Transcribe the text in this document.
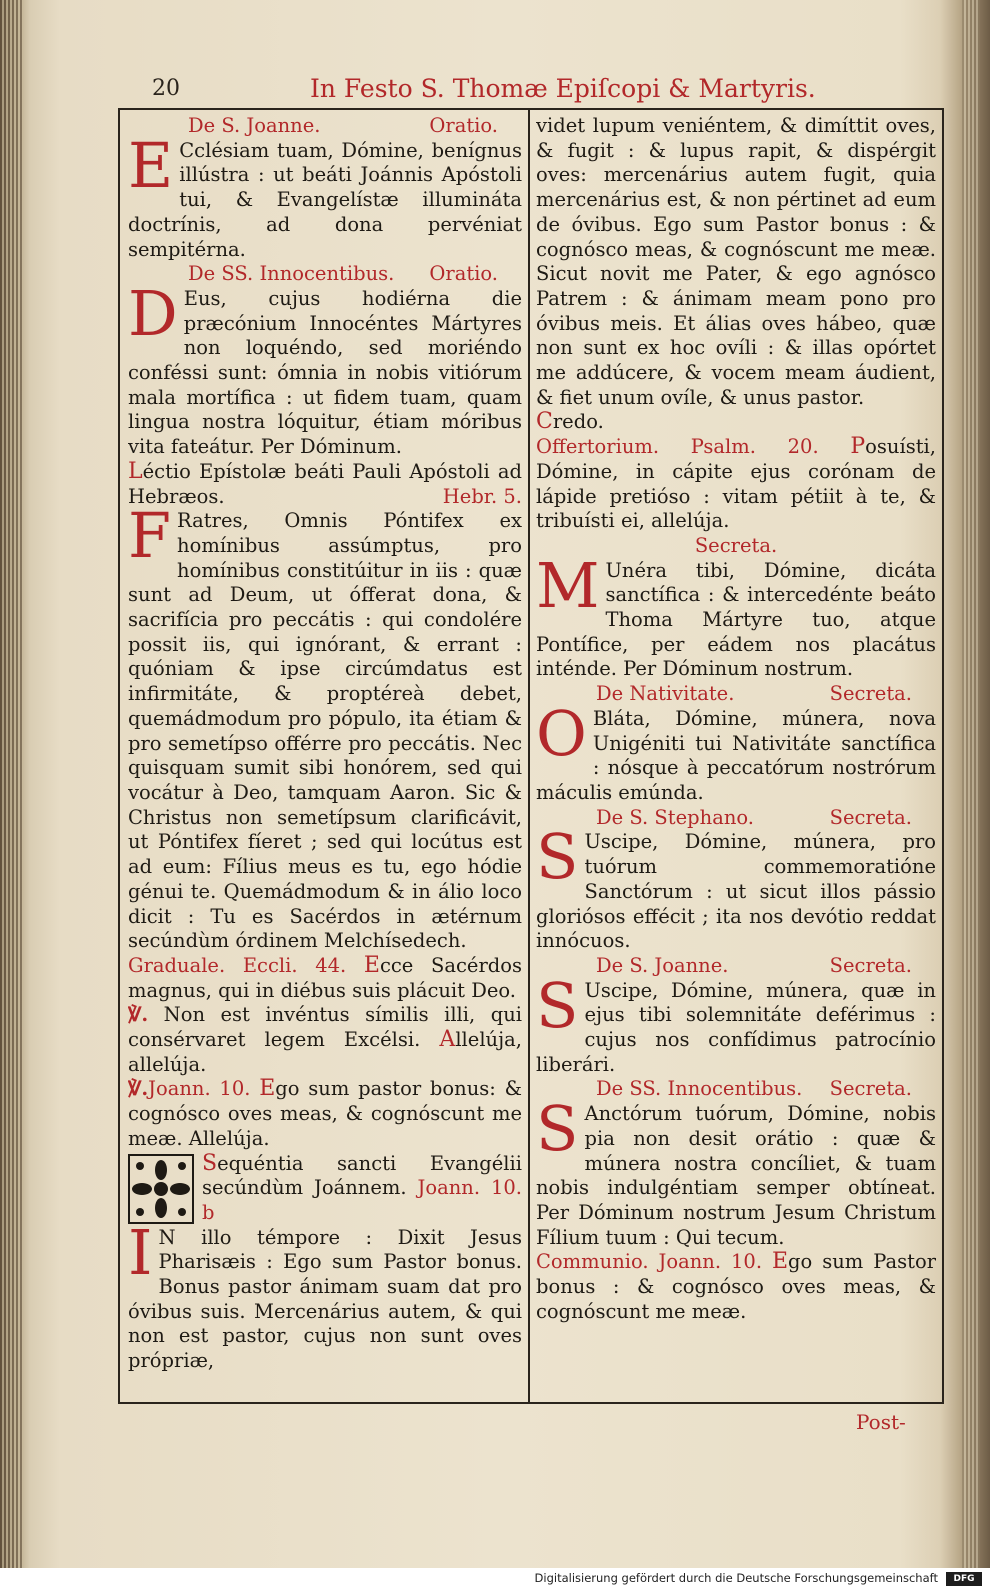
20	In Festo S. Thomæ Epiſcopi & Martyris.

De S. Joanne.	Oratio.

E Cclésiam tuam, Dómine, benígnus illústra : ut beáti Joánnis Apóstoli tui, & Evangelístæ illumináta doctrínis, ad dona pervéniat sempitérna.

De SS. Innocentibus. Oratio.

D Eus, cujus hodiérna die præcónium Innocéntes Mártyres non loquéndo, sed moriéndo conféssi sunt: ómnia in nobis vitiórum mala mortífica : ut fidem tuam, quam lingua nostra lóquitur, étiam móribus vita fateátur. Per Dóminum.

Léctio Epístolæ beáti Pauli Apóstoli ad Hebræos.	Hebr. 5.

F Ratres, Omnis Póntifex ex homínibus assúmptus, pro homínibus constitúitur in iis : quæ sunt ad Deum, ut ófferat dona, & sacrifícia pro peccátis : qui condolére possit iis, qui ignórant, & errant : quóniam & ipse circúmdatus est infirmitáte, & proptéreà debet, quemádmodum pro pópulo, ita étiam & pro semetípso offérre pro peccátis. Nec quisquam sumit sibi honórem, sed qui vocátur à Deo, tamquam Aaron. Sic & Christus non semetípsum clarificávit, ut Póntifex fíeret ; sed qui locútus est ad eum: Fílius meus es tu, ego hódie génui te. Quemádmodum & in álio loco dicit : Tu es Sacérdos in ætérnum secúndùm órdinem Melchísedech.

Graduale. Eccli. 44. Ecce Sacérdos magnus, qui in diébus suis plácuit Deo.

℣. Non est invéntus símilis illi, qui consérvaret legem Excélsi. Allelúja, allelúja.

℣.Joann. 10. Ego sum pastor bonus: & cognósco oves meas, & cognóscunt me meæ. Allelúja.

Sequéntia sancti Evangélii secúndùm Joánnem. Joann. 10. b

I N illo témpore : Dixit Jesus Pharisæis : Ego sum Pastor bonus. Bonus pastor ánimam suam dat pro óvibus suis. Mercenárius autem, & qui non est pastor, cujus non sunt oves própriæ,

videt lupum veniéntem, & dimíttit oves, & fugit : & lupus rapit, & dispérgit oves: mercenárius autem fugit, quia mercenárius est, & non pértinet ad eum de óvibus. Ego sum Pastor bonus : & cognósco meas, & cognóscunt me meæ. Sicut novit me Pater, & ego agnósco Patrem : & ánimam meam pono pro óvibus meis. Et álias oves hábeo, quæ non sunt ex hoc ovíli : & illas opórtet me addúcere, & vocem meam áudient, & fiet unum ovíle, & unus pastor.

Credo.

Offertorium. Psalm. 20. Posuísti, Dómine, in cápite ejus corónam de lápide pretióso : vitam pétiit à te, & tribuísti ei, allelúja.

Secreta.

M Unéra tibi, Dómine, dicáta sanctífica : & intercedénte beáto Thoma Mártyre tuo, atque Pontífice, per eádem nos placátus inténde. Per Dóminum nostrum.

De Nativitate.	Secreta.

O Bláta, Dómine, múnera, nova Unigéniti tui Nativitáte sanctífica : nósque à peccatórum nostrórum máculis emúnda.

De S. Stephano.	Secreta.

S Uscipe, Dómine, múnera, pro tuórum commemoratióne Sanctórum : ut sicut illos pássio gloriósos effécit ; ita nos devótio reddat innócuos.

De S. Joanne.	Secreta.

S Uscipe, Dómine, múnera, quæ in ejus tibi solemnitáte deférimus : cujus nos confídimus patrocínio liberári.

De SS. Innocentibus. Secreta.

S Anctórum tuórum, Dómine, nobis pia non desit orátio : quæ & múnera nostra concíliet, & tuam nobis indulgéntiam semper obtíneat. Per Dóminum nostrum Jesum Christum Fílium tuum : Qui tecum.

Communio. Joann. 10. Ego sum Pastor bonus : & cognósco oves meas, & cognóscunt me meæ.

Post-
Digitalisierung gefördert durch die Deutsche Forschungsgemeinschaft	DFG
